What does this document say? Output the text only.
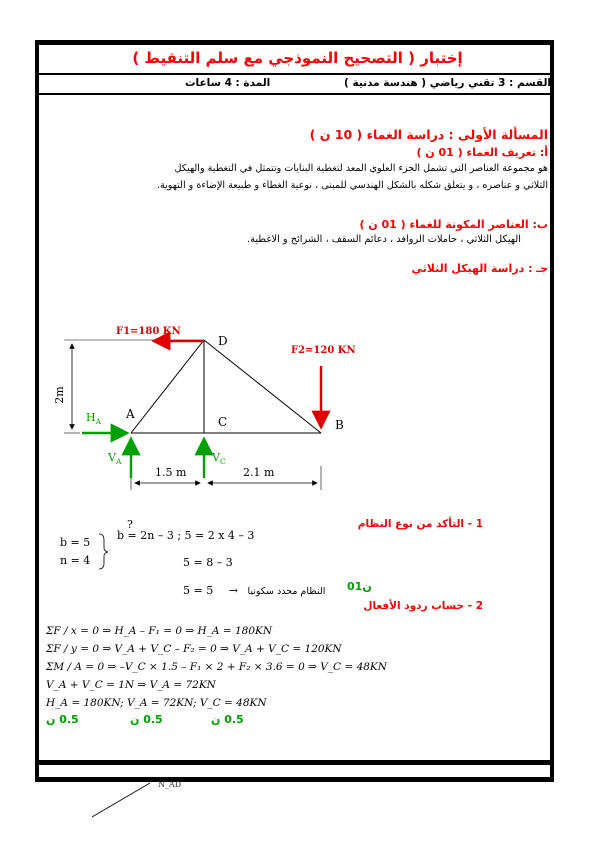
إختبار ( التصحيح النموذجي مع سلم التنقيط )
القسم : 3 تقني رياضي ( هندسة مدنية )
المدة : 4 ساعات
المسألة الأولى : دراسة الغماء ( 10 ن )
أ: تعريف الغماء ( 01 ن )
هو مجموعة العناصر التي تشمل الجزء العلوي المعد لتغطية البنايات وتتمثل في التغطية والهيكل
الثلاثي و عناصره ، و يتعلق شكله بالشكل الهندسي للمبنى ، نوعية الغطاء و طبيعة الإضاءة و التهوية.
ب: العناصر المكونة للغماء ( 01 ن )
الهيكل الثلاثي ، حاملات الروافد ، دعائم السقف ، الشرائح و الاغطية.
جـ : دراسة الهيكل الثلاثي
F1=180 KN
F2=120 KN
D
A
C	B
2m
$H_A$
$V_A$	$V_C$
1.5 m	2.1 m
1 - التأكد من نوع النظام
b = 5
n = 4
?
b = 2n – 3 ; 5 = 2 x 4 – 3
5 = 8 – 3
5 = 5 → النظام محدد سكونيا 01ن
2 - حساب ردود الأفعال
ΣF / x = 0 ⇒ H_A – F₁ = 0 ⇒ H_A = 180KN
ΣF / y = 0 ⇒ V_A + V_C – F₂ = 0 ⇒ V_A + V_C = 120KN
ΣM / A = 0 ⇒ –V_C × 1.5 – F₁ × 2 + F₂ × 3.6 = 0 ⇒ V_C = 48KN
V_A + V_C = 1N ⇒ V_A = 72KN
H_A = 180KN; V_A = 72KN; V_C = 48KN
0.5 ن	0.5 ن	0.5 ن
N_AD
